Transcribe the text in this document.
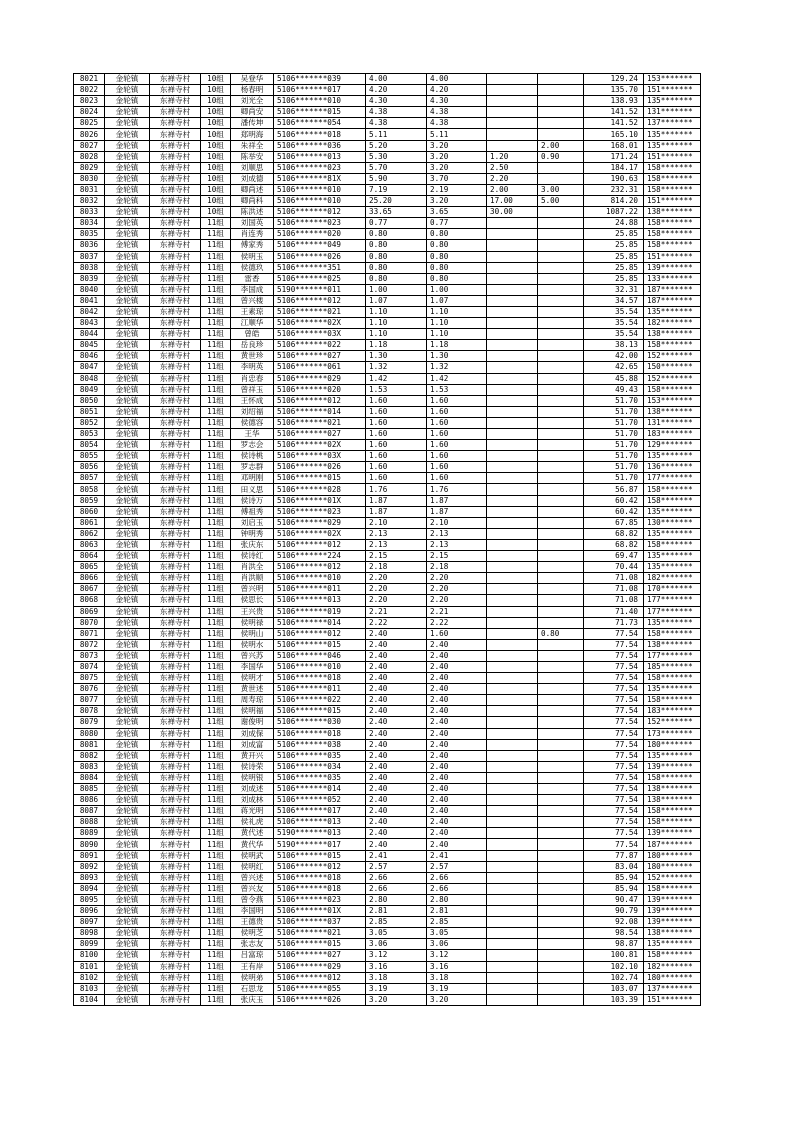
8021	金轮镇	东禅寺村	10组	吴登华	5106*******039	4.00	4.00			129.24	153*******
8022	金轮镇	东禅寺村	10组	杨春明	5106*******017	4.20	4.20			135.70	151*******
8023	金轮镇	东禅寺村	10组	刘光全	5106*******010	4.30	4.30			138.93	135*******
8024	金轮镇	东禅寺村	10组	卿尚安	5106*******015	4.38	4.38			141.52	131*******
8025	金轮镇	东禅寺村	10组	潘传坤	5106*******054	4.38	4.38			141.52	137*******
8026	金轮镇	东禅寺村	10组	郑明海	5106*******018	5.11	5.11			165.10	135*******
8027	金轮镇	东禅寺村	10组	朱祥全	5106*******036	5.20	3.20		2.00	168.01	135*******
8028	金轮镇	东禅寺村	10组	陈举安	5106*******013	5.30	3.20	1.20	0.90	171.24	151*******
8029	金轮镇	东禅寺村	10组	刘顺思	5106*******023	5.70	3.20	2.50		184.17	158*******
8030	金轮镇	东禅寺村	10组	刘成德	5106*******81X	5.90	3.70	2.20		190.63	158*******
8031	金轮镇	东禅寺村	10组	卿尚述	5106*******010	7.19	2.19	2.00	3.00	232.31	158*******
8032	金轮镇	东禅寺村	10组	卿尚科	5106*******010	25.20	3.20	17.00	5.00	814.20	151*******
8033	金轮镇	东禅寺村	10组	陈洪述	5106*******012	33.65	3.65	30.00		1087.22	138*******
8034	金轮镇	东禅寺村	11组	刘国英	5106*******023	0.77	0.77			24.88	158*******
8035	金轮镇	东禅寺村	11组	肖连秀	5106*******020	0.80	0.80			25.85	158*******
8036	金轮镇	东禅寺村	11组	傅家秀	5106*******049	0.80	0.80			25.85	158*******
8037	金轮镇	东禅寺村	11组	侯明玉	5106*******026	0.80	0.80			25.85	151*******
8038	金轮镇	东禅寺村	11组	侯德玖	5106*******351	0.80	0.80			25.85	139*******
8039	金轮镇	东禅寺村	11组	雷香	5106*******025	0.80	0.80			25.85	133*******
8040	金轮镇	东禅寺村	11组	李国成	5190*******011	1.00	1.00			32.31	187*******
8041	金轮镇	东禅寺村	11组	曾兴楼	5106*******012	1.07	1.07			34.57	187*******
8042	金轮镇	东禅寺村	11组	王素琼	5106*******021	1.10	1.10			35.54	135*******
8043	金轮镇	东禅寺村	11组	江顺华	5106*******02X	1.10	1.10			35.54	182*******
8044	金轮镇	东禅寺村	11组	曾皓	5106*******03X	1.10	1.10			35.54	138*******
8045	金轮镇	东禅寺村	11组	岳良珍	5106*******022	1.18	1.18			38.13	158*******
8046	金轮镇	东禅寺村	11组	黄世珍	5106*******027	1.30	1.30			42.00	152*******
8047	金轮镇	东禅寺村	11组	李明英	5106*******061	1.32	1.32			42.65	150*******
8048	金轮镇	东禅寺村	11组	肖忠春	5106*******029	1.42	1.42			45.88	152*******
8049	金轮镇	东禅寺村	11组	曾祥玉	5106*******020	1.53	1.53			49.43	158*******
8050	金轮镇	东禅寺村	11组	王怀成	5106*******012	1.60	1.60			51.70	153*******
8051	金轮镇	东禅寺村	11组	刘绍福	5106*******014	1.60	1.60			51.70	138*******
8052	金轮镇	东禅寺村	11组	侯德容	5106*******021	1.60	1.60			51.70	131*******
8053	金轮镇	东禅寺村	11组	王华	5106*******027	1.60	1.60			51.70	183*******
8054	金轮镇	东禅寺村	11组	罗志会	5106*******02X	1.60	1.60			51.70	129*******
8055	金轮镇	东禅寺村	11组	侯诗桃	5106*******03X	1.60	1.60			51.70	135*******
8056	金轮镇	东禅寺村	11组	罗志群	5106*******026	1.60	1.60			51.70	136*******
8057	金轮镇	东禅寺村	11组	邓明刚	5106*******015	1.60	1.60			51.70	177*******
8058	金轮镇	东禅寺村	11组	田义思	5106*******028	1.76	1.76			56.87	158*******
8059	金轮镇	东禅寺村	11组	侯诗万	5106*******01X	1.87	1.87			60.42	158*******
8060	金轮镇	东禅寺村	11组	傅祖秀	5106*******023	1.87	1.87			60.42	135*******
8061	金轮镇	东禅寺村	11组	刘启玉	5106*******029	2.10	2.10			67.85	130*******
8062	金轮镇	东禅寺村	11组	钟明秀	5106*******02X	2.13	2.13			68.82	135*******
8063	金轮镇	东禅寺村	11组	张庆东	5106*******012	2.13	2.13			68.82	158*******
8064	金轮镇	东禅寺村	11组	侯诗红	5106*******224	2.15	2.15			69.47	135*******
8065	金轮镇	东禅寺村	11组	肖洪全	5106*******012	2.18	2.18			70.44	135*******
8066	金轮镇	东禅寺村	11组	肖洪顺	5106*******010	2.20	2.20			71.08	182*******
8067	金轮镇	东禅寺村	11组	曾兴明	5106*******011	2.20	2.20			71.08	170*******
8068	金轮镇	东禅寺村	11组	侯思长	5106*******013	2.20	2.20			71.08	177*******
8069	金轮镇	东禅寺村	11组	王兴贵	5106*******019	2.21	2.21			71.40	177*******
8070	金轮镇	东禅寺村	11组	侯明禄	5106*******014	2.22	2.22			71.73	135*******
8071	金轮镇	东禅寺村	11组	侯明山	5106*******012	2.40	1.60		0.80	77.54	158*******
8072	金轮镇	东禅寺村	11组	侯明水	5106*******015	2.40	2.40			77.54	138*******
8073	金轮镇	东禅寺村	11组	曾兴苏	5106*******046	2.40	2.40			77.54	177*******
8074	金轮镇	东禅寺村	11组	李国华	5106*******010	2.40	2.40			77.54	185*******
8075	金轮镇	东禅寺村	11组	侯明才	5106*******018	2.40	2.40			77.54	158*******
8076	金轮镇	东禅寺村	11组	黄世述	5106*******011	2.40	2.40			77.54	135*******
8077	金轮镇	东禅寺村	11组	周寿琼	5106*******022	2.40	2.40			77.54	158*******
8078	金轮镇	东禅寺村	11组	侯明福	5106*******015	2.40	2.40			77.54	183*******
8079	金轮镇	东禅寺村	11组	谢俊明	5106*******030	2.40	2.40			77.54	152*******
8080	金轮镇	东禅寺村	11组	刘成保	5106*******018	2.40	2.40			77.54	173*******
8081	金轮镇	东禅寺村	11组	刘成富	5106*******038	2.40	2.40			77.54	180*******
8082	金轮镇	东禅寺村	11组	黄开兴	5106*******035	2.40	2.40			77.54	135*******
8083	金轮镇	东禅寺村	11组	侯诗荣	5106*******034	2.40	2.40			77.54	139*******
8084	金轮镇	东禅寺村	11组	侯明银	5106*******035	2.40	2.40			77.54	158*******
8085	金轮镇	东禅寺村	11组	刘成述	5106*******014	2.40	2.40			77.54	138*******
8086	金轮镇	东禅寺村	11组	刘成林	5106*******052	2.40	2.40			77.54	138*******
8087	金轮镇	东禅寺村	11组	蒋光明	5106*******017	2.40	2.40			77.54	158*******
8088	金轮镇	东禅寺村	11组	侯礼虎	5106*******013	2.40	2.40			77.54	158*******
8089	金轮镇	东禅寺村	11组	黄代述	5190*******013	2.40	2.40			77.54	139*******
8090	金轮镇	东禅寺村	11组	黄代华	5190*******017	2.40	2.40			77.54	187*******
8091	金轮镇	东禅寺村	11组	侯明武	5106*******015	2.41	2.41			77.87	180*******
8092	金轮镇	东禅寺村	11组	侯明红	5106*******012	2.57	2.57			83.04	180*******
8093	金轮镇	东禅寺村	11组	曾兴述	5106*******018	2.66	2.66			85.94	152*******
8094	金轮镇	东禅寺村	11组	曾兴友	5106*******018	2.66	2.66			85.94	158*******
8095	金轮镇	东禅寺村	11组	曾令燕	5106*******023	2.80	2.80			90.47	139*******
8096	金轮镇	东禅寺村	11组	李国明	5106*******01X	2.81	2.81			90.79	139*******
8097	金轮镇	东禅寺村	11组	王德贵	5106*******037	2.85	2.85			92.08	139*******
8098	金轮镇	东禅寺村	11组	侯明芝	5106*******021	3.05	3.05			98.54	138*******
8099	金轮镇	东禅寺村	11组	张志友	5106*******015	3.06	3.06			98.87	135*******
8100	金轮镇	东禅寺村	11组	吕富琼	5106*******027	3.12	3.12			100.81	158*******
8101	金轮镇	东禅寺村	11组	王有岸	5106*******029	3.16	3.16			102.10	182*******
8102	金轮镇	东禅寺村	11组	侯明弟	5106*******012	3.18	3.18			102.74	180*******
8103	金轮镇	东禅寺村	11组	石思龙	5106*******055	3.19	3.19			103.07	137*******
8104	金轮镇	东禅寺村	11组	张庆玉	5106*******026	3.20	3.20			103.39	151*******
